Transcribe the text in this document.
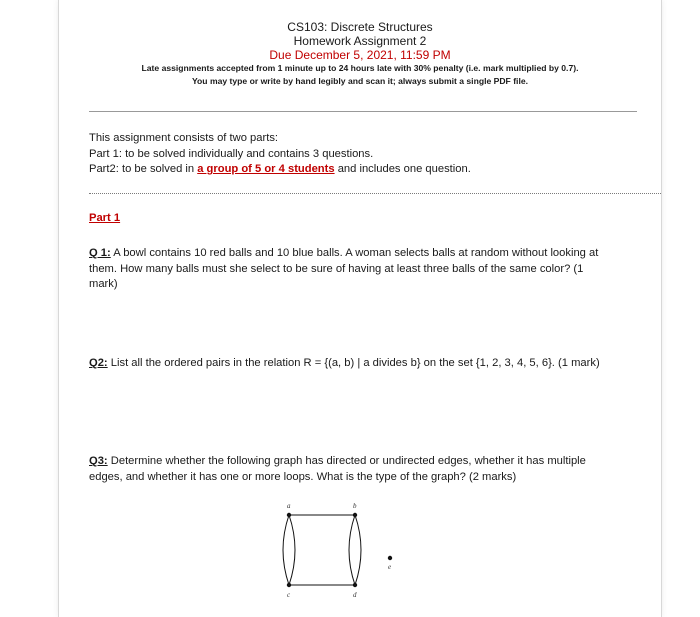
CS103: Discrete Structures
Homework Assignment 2
Due December 5, 2021, 11:59 PM
Late assignments accepted from 1 minute up to 24 hours late with 30% penalty (i.e. mark multiplied by 0.7).
You may type or write by hand legibly and scan it; always submit a single PDF file.
This assignment consists of two parts:
Part 1: to be solved individually and contains 3 questions.
Part2: to be solved in a group of 5 or 4 students and includes one question.
Part 1
Q 1: A bowl contains 10 red balls and 10 blue balls. A woman selects balls at random without looking at them. How many balls must she select to be sure of having at least three balls of the same color? (1 mark)
Q2: List all the ordered pairs in the relation R = {(a, b) | a divides b} on the set {1, 2, 3, 4, 5, 6}. (1 mark)
Q3: Determine whether the following graph has directed or undirected edges, whether it has multiple edges, and whether it has one or more loops. What is the type of the graph? (2 marks)
a	b
c	d
e
